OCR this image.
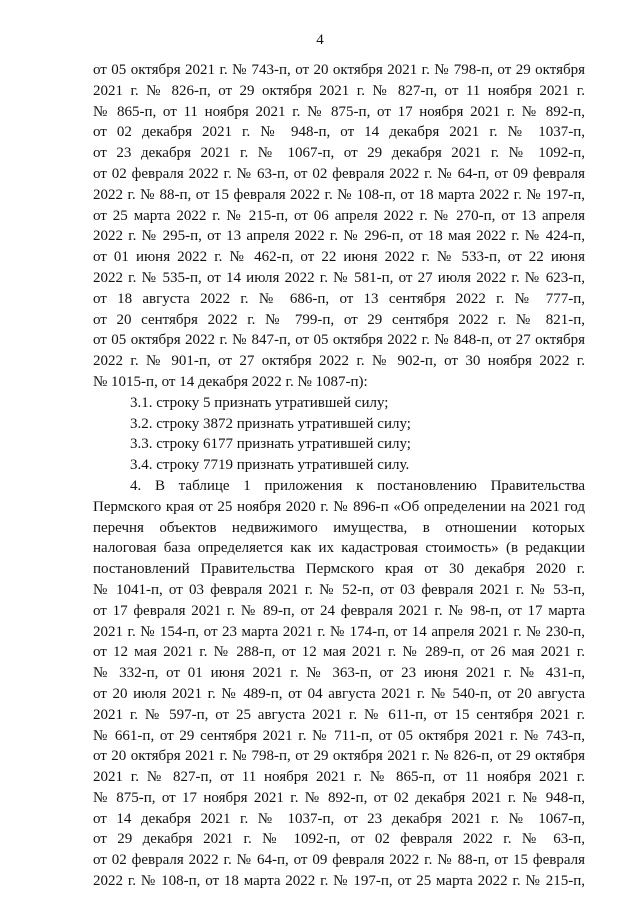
4
от 05 октября 2021 г. № 743-п, от 20 октября 2021 г. № 798-п, от 29 октября
2021 г. № 826-п, от 29 октября 2021 г. № 827-п, от 11 ноября 2021 г.
№ 865-п, от 11 ноября 2021 г. № 875-п, от 17 ноября 2021 г. № 892-п,
от 02 декабря 2021 г. № 948-п, от 14 декабря 2021 г. № 1037-п,
от 23 декабря 2021 г. № 1067-п, от 29 декабря 2021 г. № 1092-п,
от 02 февраля 2022 г. № 63-п, от 02 февраля 2022 г. № 64-п, от 09 февраля
2022 г. № 88-п, от 15 февраля 2022 г. № 108-п, от 18 марта 2022 г. № 197-п,
от 25 марта 2022 г. № 215-п, от 06 апреля 2022 г. № 270-п, от 13 апреля
2022 г. № 295-п, от 13 апреля 2022 г. № 296-п, от 18 мая 2022 г. № 424-п,
от 01 июня 2022 г. № 462-п, от 22 июня 2022 г. № 533-п, от 22 июня
2022 г. № 535-п, от 14 июля 2022 г. № 581-п, от 27 июля 2022 г. № 623-п,
от 18 августа 2022 г. № 686-п, от 13 сентября 2022 г. № 777-п,
от 20 сентября 2022 г. № 799-п, от 29 сентября 2022 г. № 821-п,
от 05 октября 2022 г. № 847-п, от 05 октября 2022 г. № 848-п, от 27 октября
2022 г. № 901-п, от 27 октября 2022 г. № 902-п, от 30 ноября 2022 г.
№ 1015-п, от 14 декабря 2022 г. № 1087-п):
3.1. строку 5 признать утратившей силу;
3.2. строку 3872 признать утратившей силу;
3.3. строку 6177 признать утратившей силу;
3.4. строку 7719 признать утратившей силу.
4. В таблице 1 приложения к постановлению Правительства
Пермского края от 25 ноября 2020 г. № 896-п «Об определении на 2021 год
перечня объектов недвижимого имущества, в отношении которых
налоговая база определяется как их кадастровая стоимость» (в редакции
постановлений Правительства Пермского края от 30 декабря 2020 г.
№ 1041-п, от 03 февраля 2021 г. № 52-п, от 03 февраля 2021 г. № 53-п,
от 17 февраля 2021 г. № 89-п, от 24 февраля 2021 г. № 98-п, от 17 марта
2021 г. № 154-п, от 23 марта 2021 г. № 174-п, от 14 апреля 2021 г. № 230-п,
от 12 мая 2021 г. № 288-п, от 12 мая 2021 г. № 289-п, от 26 мая 2021 г.
№ 332-п, от 01 июня 2021 г. № 363-п, от 23 июня 2021 г. № 431-п,
от 20 июля 2021 г. № 489-п, от 04 августа 2021 г. № 540-п, от 20 августа
2021 г. № 597-п, от 25 августа 2021 г. № 611-п, от 15 сентября 2021 г.
№ 661-п, от 29 сентября 2021 г. № 711-п, от 05 октября 2021 г. № 743-п,
от 20 октября 2021 г. № 798-п, от 29 октября 2021 г. № 826-п, от 29 октября
2021 г. № 827-п, от 11 ноября 2021 г. № 865-п, от 11 ноября 2021 г.
№ 875-п, от 17 ноября 2021 г. № 892-п, от 02 декабря 2021 г. № 948-п,
от 14 декабря 2021 г. № 1037-п, от 23 декабря 2021 г. № 1067-п,
от 29 декабря 2021 г. № 1092-п, от 02 февраля 2022 г. № 63-п,
от 02 февраля 2022 г. № 64-п, от 09 февраля 2022 г. № 88-п, от 15 февраля
2022 г. № 108-п, от 18 марта 2022 г. № 197-п, от 25 марта 2022 г. № 215-п,
